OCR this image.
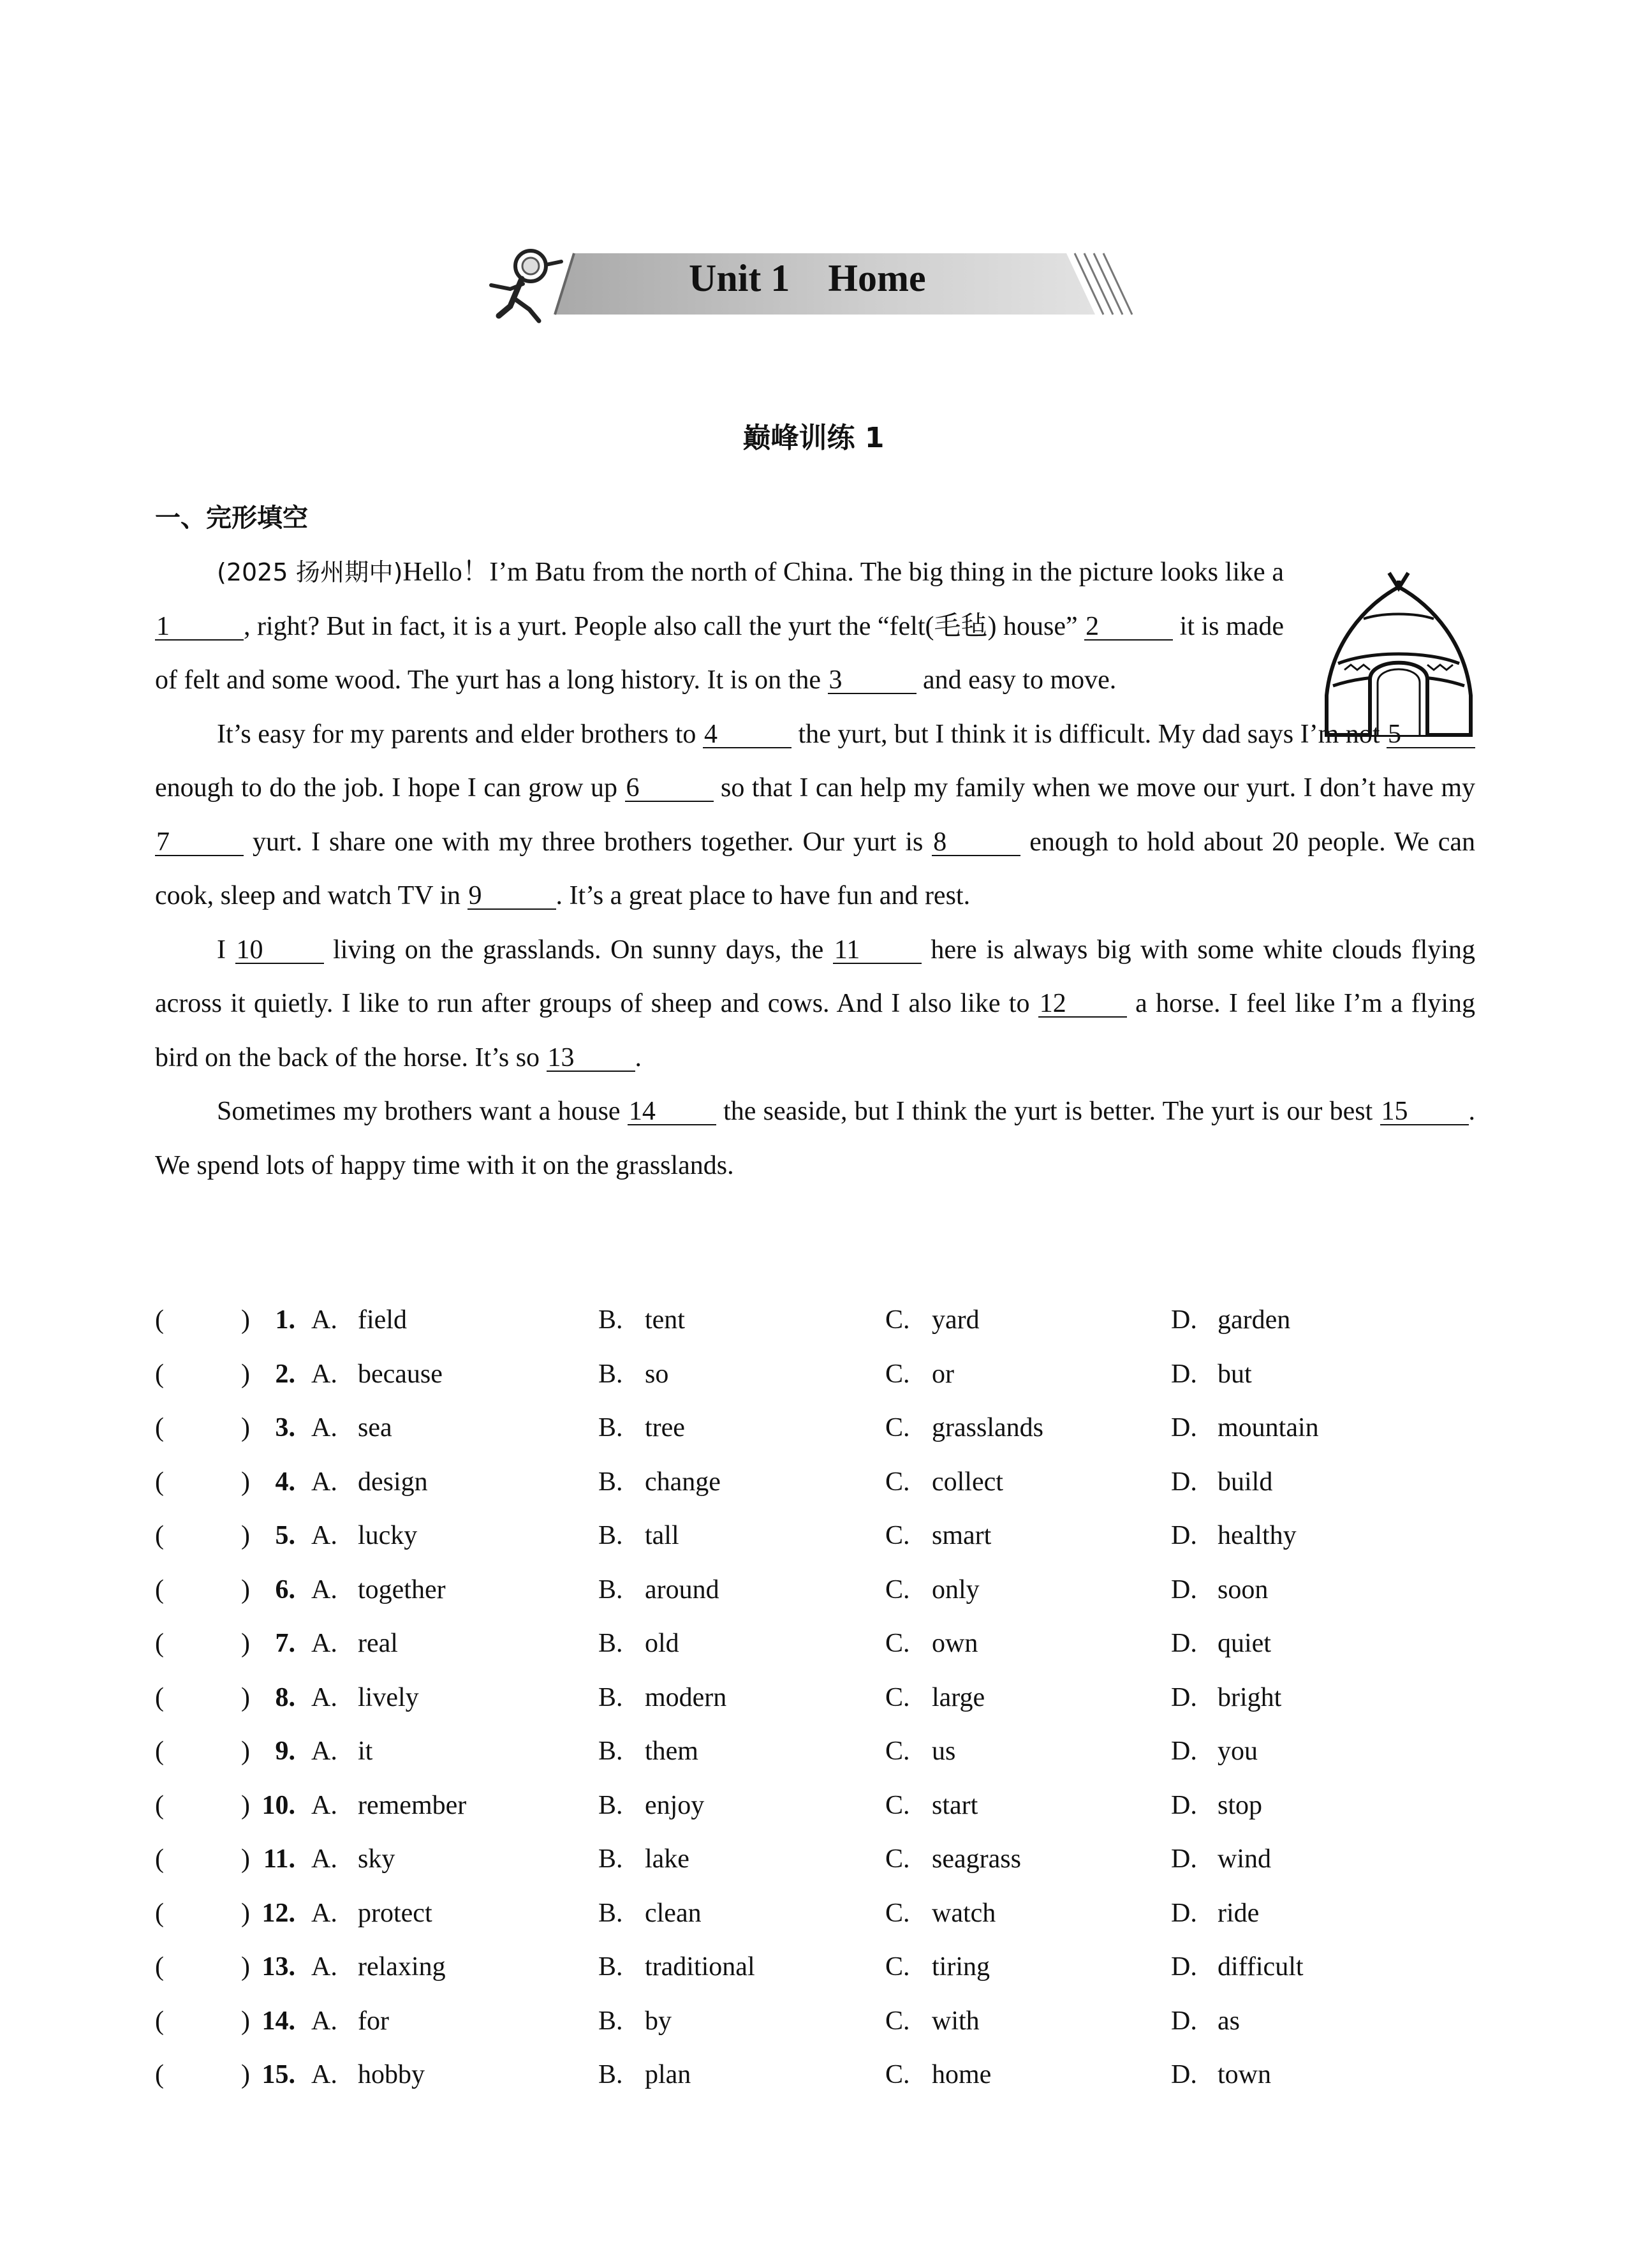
Unit 1    Home
巅峰训练 1
一、完形填空

(2025 扬州期中)Hello！I’m Batu from the north of China. The big thing in the picture looks like a 1	, right? But in fact, it is a yurt. People also call the yurt the “felt(毛毡) house” 2	it is made of felt and some wood. The yurt has a long history. It is on the 3	and easy to move.

It’s easy for my parents and elder brothers to 4	the yurt, but I think it is difficult. My dad says I’m not 5 enough to do the job. I hope I can grow up 6	so that I can help my family when we move our yurt. I don’t have my 7	yurt. I share one with my three brothers together. Our yurt is 8	enough to hold about 20 people. We can cook, sleep and watch TV in 9	. It’s a great place to have fun and rest.

I 10 living on the grasslands. On sunny days, the 11 here is always big with some white clouds flying across it quietly. I like to run after groups of sheep and cows. And I also like to 12 a horse. I feel like I’m a flying bird on the back of the horse. It’s so 13 .

Sometimes my brothers want a house 14 the seaside, but I think the yurt is better. The yurt is our best 15 . We spend lots of happy time with it on the grasslands.

(	) 1. A. field	B. tent	C. yard	D. garden
(	) 2. A. because	B. so	C. or	D. but
(	) 3. A. sea	B. tree	C. grasslands	D. mountain
(	) 4. A. design	B. change	C. collect	D. build
(	) 5. A. lucky	B. tall	C. smart	D. healthy
(	) 6. A. together	B. around	C. only	D. soon
(	) 7. A. real	B. old	C. own	D. quiet
(	) 8. A. lively	B. modern	C. large	D. bright
(	) 9. A. it	B. them	C. us	D. you
(	) 10. A. remember	B. enjoy	C. start	D. stop
(	) 11. A. sky	B. lake	C. seagrass	D. wind
(	) 12. A. protect	B. clean	C. watch	D. ride
(	) 13. A. relaxing	B. traditional	C. tiring	D. difficult
(	) 14. A. for	B. by	C. with	D. as
(	) 15. A. hobby	B. plan	C. home	D. town
